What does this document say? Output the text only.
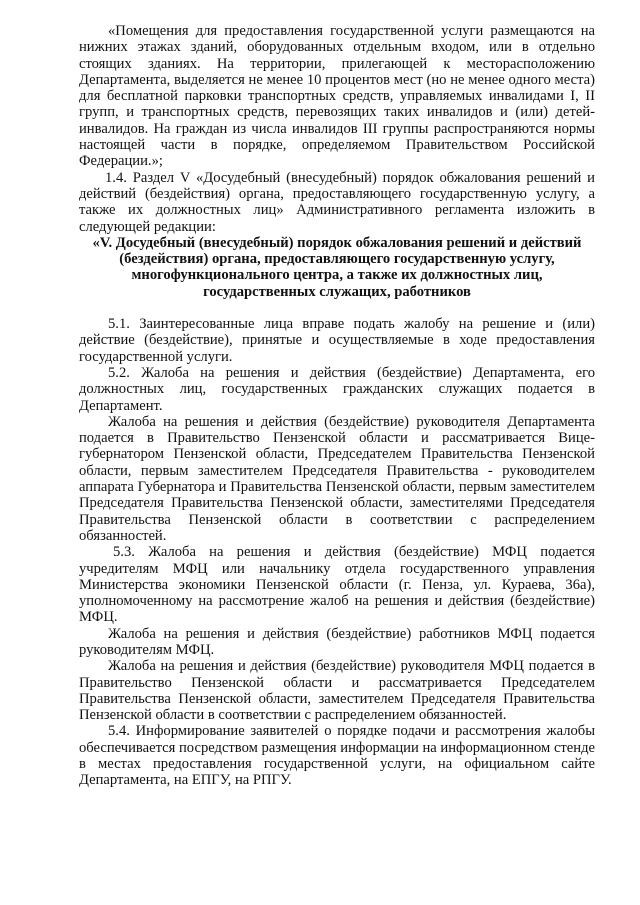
«Помещения для предоставления государственной услуги размещаются на нижних этажах зданий, оборудованных отдельным входом, или в отдельно стоящих зданиях. На территории, прилегающей к месторасположению Департамента, выделяется не менее 10 процентов мест (но не менее одного места) для бесплатной парковки транспортных средств, управляемых инвалидами I, II групп, и транспортных средств, перевозящих таких инвалидов и (или) детей-инвалидов. На граждан из числа инвалидов III группы распространяются нормы настоящей части в порядке, определяемом Правительством Российской Федерации.»;

1.4. Раздел V «Досудебный (внесудебный) порядок обжалования решений и действий (бездействия) органа, предоставляющего государственную услугу, а также их должностных лиц» Административного регламента изложить в следующей редакции:

«V. Досудебный (внесудебный) порядок обжалования решений и действий (бездействия) органа, предоставляющего государственную услугу, многофункционального центра, а также их должностных лиц, государственных служащих, работников

5.1. Заинтересованные лица вправе подать жалобу на решение и (или) действие (бездействие), принятые и осуществляемые в ходе предоставления государственной услуги.

5.2. Жалоба на решения и действия (бездействие) Департамента, его должностных лиц, государственных гражданских служащих подается в Департамент.

Жалоба на решения и действия (бездействие) руководителя Департамента подается в Правительство Пензенской области и рассматривается Вице-губернатором Пензенской области, Председателем Правительства Пензенской области, первым заместителем Председателя Правительства - руководителем аппарата Губернатора и Правительства Пензенской области, первым заместителем Председателя Правительства Пензенской области, заместителями Председателя Правительства Пензенской области в соответствии с распределением обязанностей.

5.3. Жалоба на решения и действия (бездействие) МФЦ подается учредителям МФЦ или начальнику отдела государственного управления Министерства экономики Пензенской области (г. Пенза, ул. Кураева, 36а), уполномоченному на рассмотрение жалоб на решения и действия (бездействие) МФЦ.

Жалоба на решения и действия (бездействие) работников МФЦ подается руководителям МФЦ.

Жалоба на решения и действия (бездействие) руководителя МФЦ подается в Правительство Пензенской области и рассматривается Председателем Правительства Пензенской области, заместителем Председателя Правительства Пензенской области в соответствии с распределением обязанностей.

5.4. Информирование заявителей о порядке подачи и рассмотрения жалобы обеспечивается посредством размещения информации на информационном стенде в местах предоставления государственной услуги, на официальном сайте Департамента, на ЕПГУ, на РПГУ.
